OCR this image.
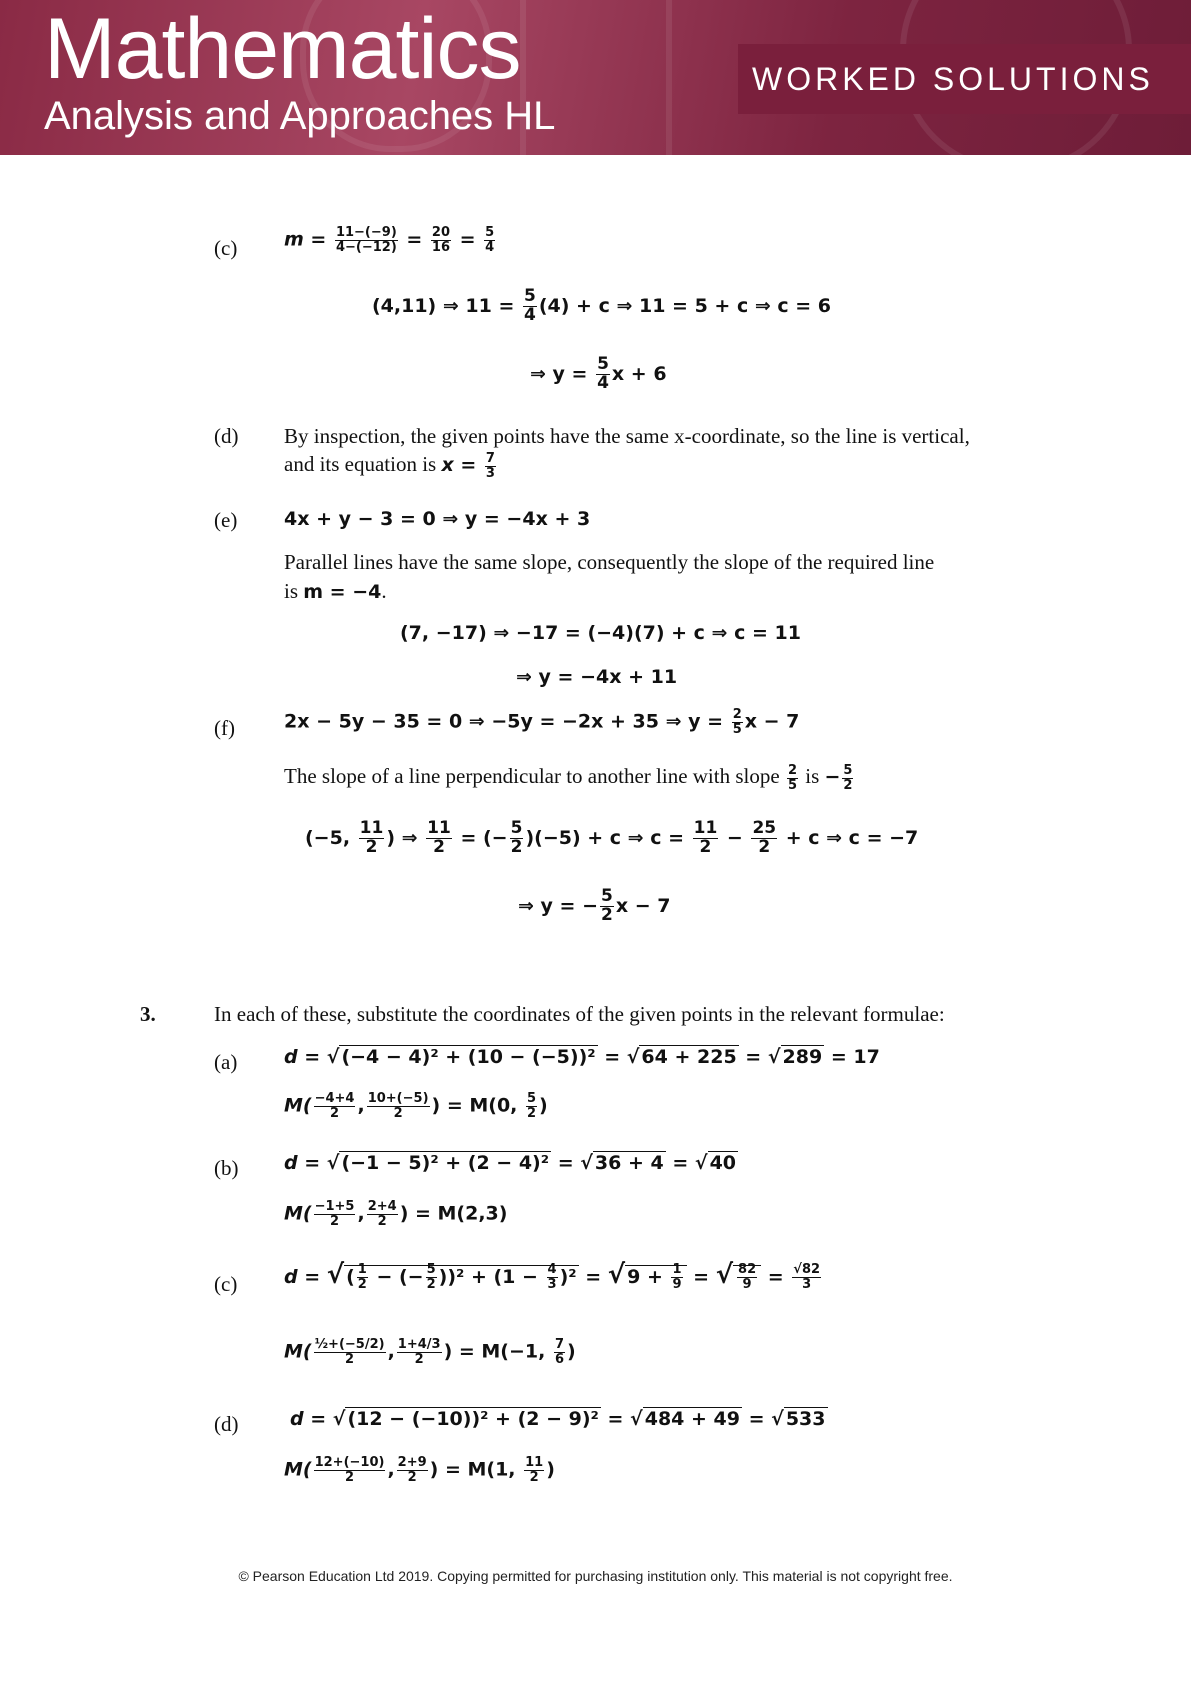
Mathematics
Analysis and Approaches HL
WORKED SOLUTIONS
(c) $m = \frac{11-(-9)}{4-(-12)} = \frac{20}{16} = \frac{5}{4}$
(4,11) ⇒ $11 = \frac{5}{4} (4) + c$ ⇒ 11 = 5 + c ⇒ c = 6
⇒ $y = \frac{5}{4}$ x + 6
(d) By inspection, the given points have the same x-coordinate, so the line is vertical,
and its equation is $x = \frac{7}{3}$
(e) 4x + y − 3 = 0 ⇒ y = −4x + 3
Parallel lines have the same slope, consequently the slope of the required line
is m = −4.
(7, −17) ⇒ −17 = (−4)(7) + c ⇒ c = 11
⇒ y = −4x + 11
(f)	2x − 5y − 35 = 0 ⇒ −5y = −2x + 35 ⇒ $y = \frac{2}{5}$ x − 7
The slope of a line perpendicular to another line with slope $\frac{2}{5}$ is − $\frac{5}{2}$
(−5, $\frac{11}{2}$ ) ⇒ $\frac{11}{2}$ = (− $\frac{5}{2} )(-5) + c$ ⇒ $c = \frac{11}{2} - \frac{25}{2} + c$ ⇒ c = −7
⇒ y = − $\frac{5}{2}$ x − 7
3.	In each of these, substitute the coordinates of the given points in the relevant formulae:
(a) d = √ (−4 − 4)² + (10 − (−5))² = √ 64 + 225 = √ 289 = 17
$M( \frac{-4+4}{2}$ , $\frac{10+(-5)}{2}$ ) = M(0, $\frac{5}{2}$ )
(b) d = √ (−1 − 5)² + (2 − 4)² = √ 36 + 4 = √ 40
$M( \frac{-1+5}{2}$ , $\frac{2+4}{2}$ ) = M(2,3)
(c) d = √ ( $\frac{1}{2}$ − (− $\frac{5}{2} ))^2 + (1 - \frac{4}{3} )^2$ = √ $9 + \frac{1}{9}$ = √ $\frac{82}{9} = \frac{√82}{3}$
$M( \frac{\text{½+(−5/2)}}{2}$ , $\frac{1+4/3}{2}$ ) = M(−1, $\frac{7}{6}$ )
(d)	d = √ (12 − (−10))² + (2 − 9)² = √ 484 + 49 = √ 533
$M( \frac{12+(-10)}{2}$ , $\frac{2+9}{2}$ ) = M(1, $\frac{11}{2}$ )
© Pearson Education Ltd 2019. Copying permitted for purchasing institution only. This material is not copyright free.
